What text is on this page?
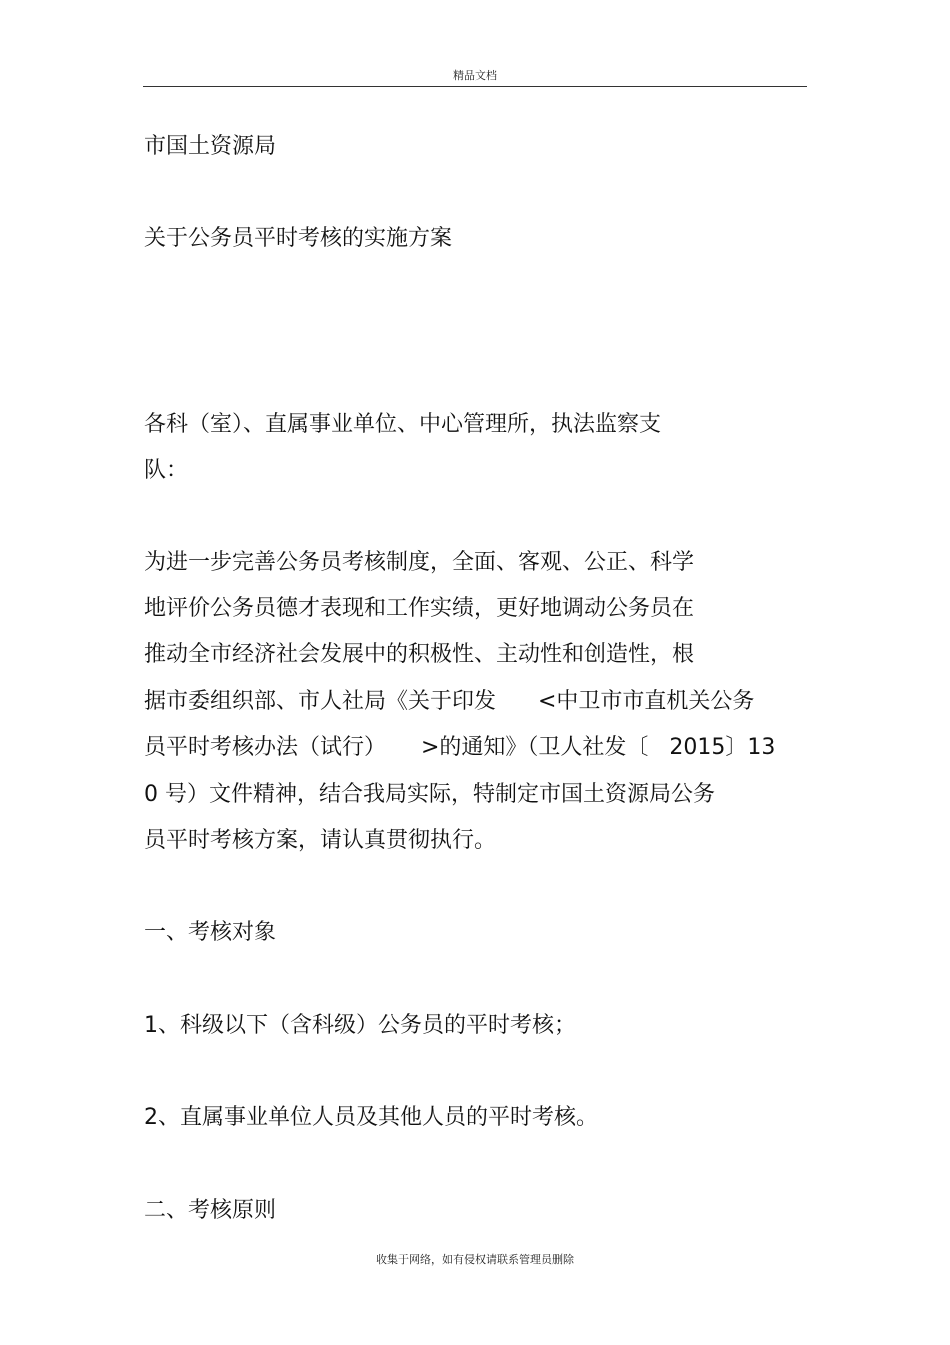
精品文档
市国土资源局
关于公务员平时考核的实施方案
各科（室）、直属事业单位、中心管理所，执法监察支
队：
为进一步完善公务员考核制度，全面、客观、公正、科学
地评价公务员德才表现和工作实绩，更好地调动公务员在
推动全市经济社会发展中的积极性、主动性和创造性，根
据市委组织部、市人社局《关于印发      <中卫市市直机关公务
员平时考核办法（试行）     >的通知》（卫人社发〔   2015〕13
0 号）文件精神，结合我局实际，特制定市国土资源局公务
员平时考核方案，请认真贯彻执行。
一、考核对象
1、科级以下（含科级）公务员的平时考核；
2、直属事业单位人员及其他人员的平时考核。
二、考核原则
收集于网络，如有侵权请联系管理员删除
